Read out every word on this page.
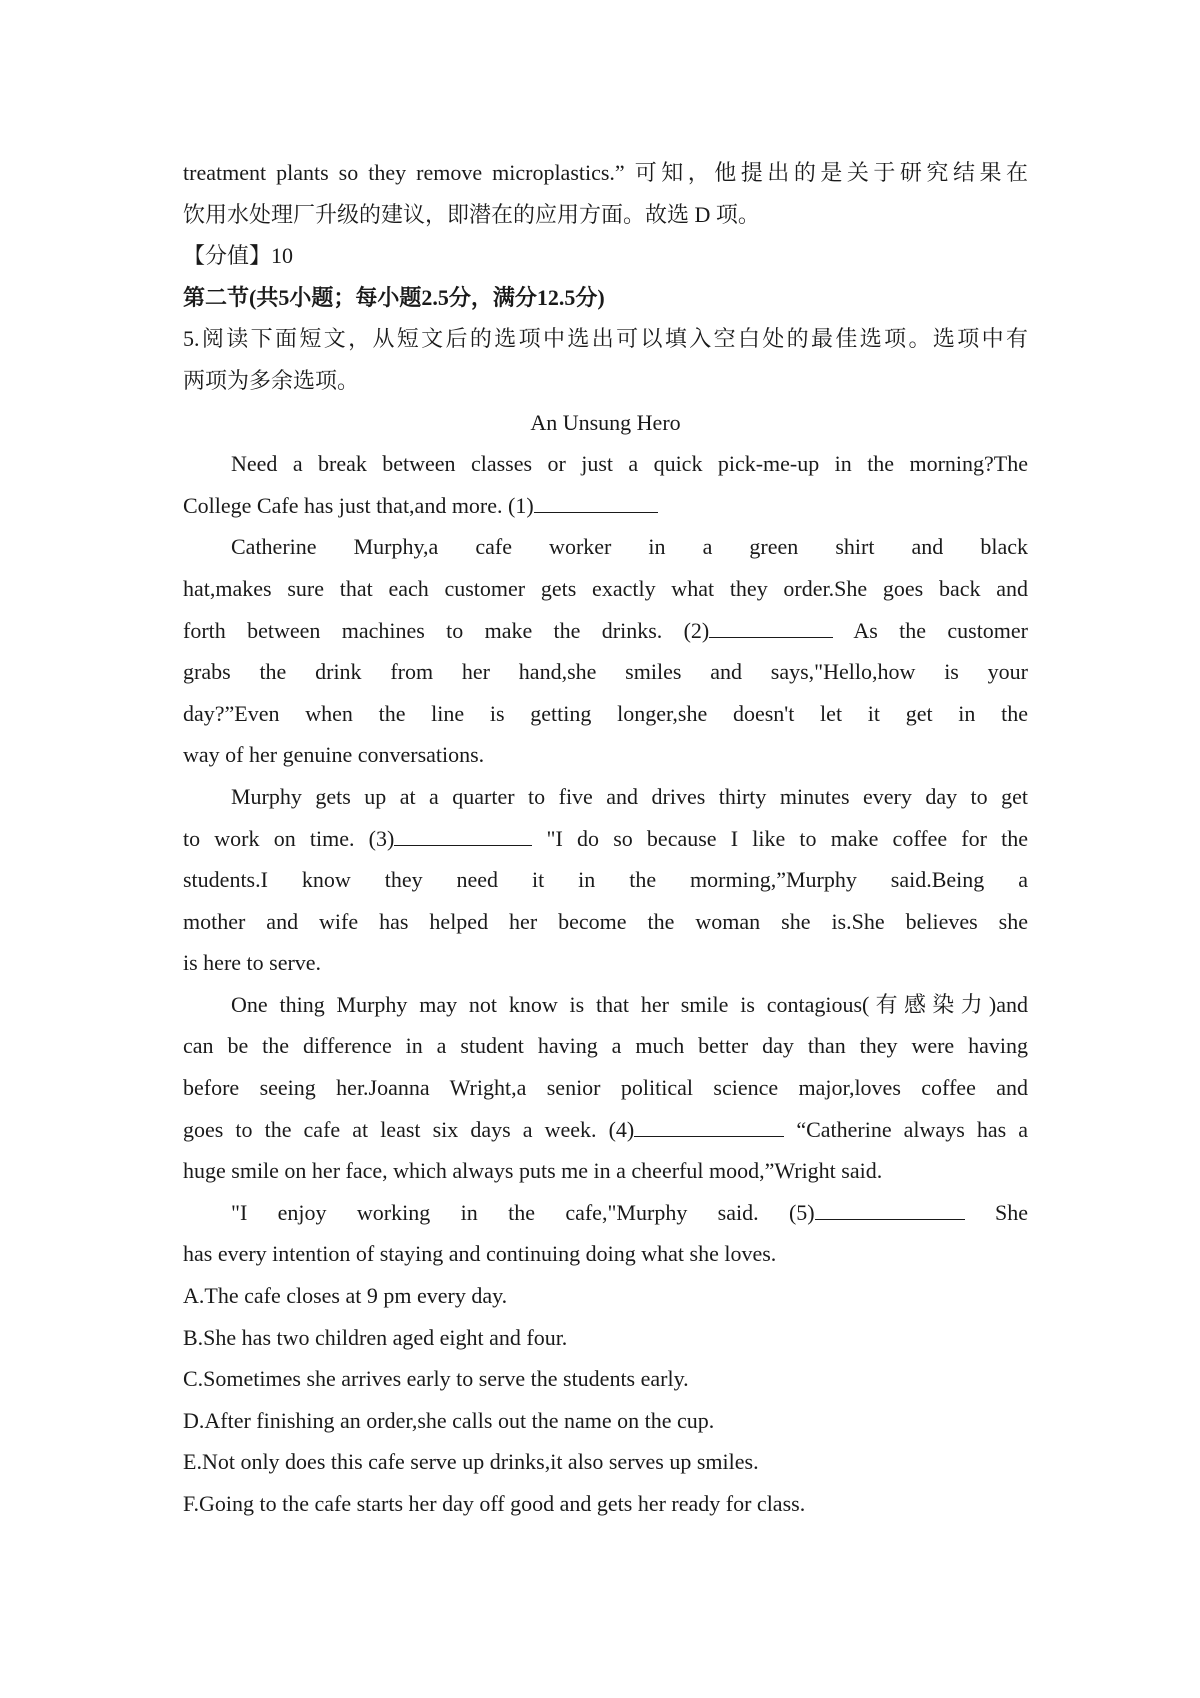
treatment plants so they remove microplastics.” 可知，他提出的是关于研究结果在
饮用水处理厂升级的建议，即潜在的应用方面。故选 D 项。
【分值】10
第二节(共5小题；每小题2.5分，满分12.5分)
5.阅读下面短文，从短文后的选项中选出可以填入空白处的最佳选项。选项中有
两项为多余选项。
An Unsung Hero
Need a break between classes or just a quick pick-me-up in the morning?The
College Cafe has just that,and more. (1)
Catherine Murphy,a cafe worker in a green shirt and black
hat,makes sure that each customer gets exactly what they order.She goes back and
forth between machines to make the drinks. (2)	As the customer
grabs the drink from her hand,she smiles and says,"Hello,how is your
day?”Even when the line is getting longer,she doesn't let it get in the
way of her genuine conversations.
Murphy gets up at a quarter to five and drives thirty minutes every day to get
to work on time. (3)	"I do so because I like to make coffee for the
students.I know they need it in the morming,”Murphy said.Being a
mother and wife has helped her become the woman she is.She believes she
is here to serve.
One thing Murphy may not know is that her smile is contagious(有感染力)and
can be the difference in a student having a much better day than they were having
before seeing her.Joanna Wright,a senior political science major,loves coffee and
goes to the cafe at least six days a week. (4)	“Catherine always has a
huge smile on her face, which always puts me in a cheerful mood,”Wright said.
"I enjoy working in the cafe,"Murphy said. (5)	She
has every intention of staying and continuing doing what she loves.
A.The cafe closes at 9 pm every day.
B.She has two children aged eight and four.
C.Sometimes she arrives early to serve the students early.
D.After finishing an order,she calls out the name on the cup.
E.Not only does this cafe serve up drinks,it also serves up smiles.
F.Going to the cafe starts her day off good and gets her ready for class.
